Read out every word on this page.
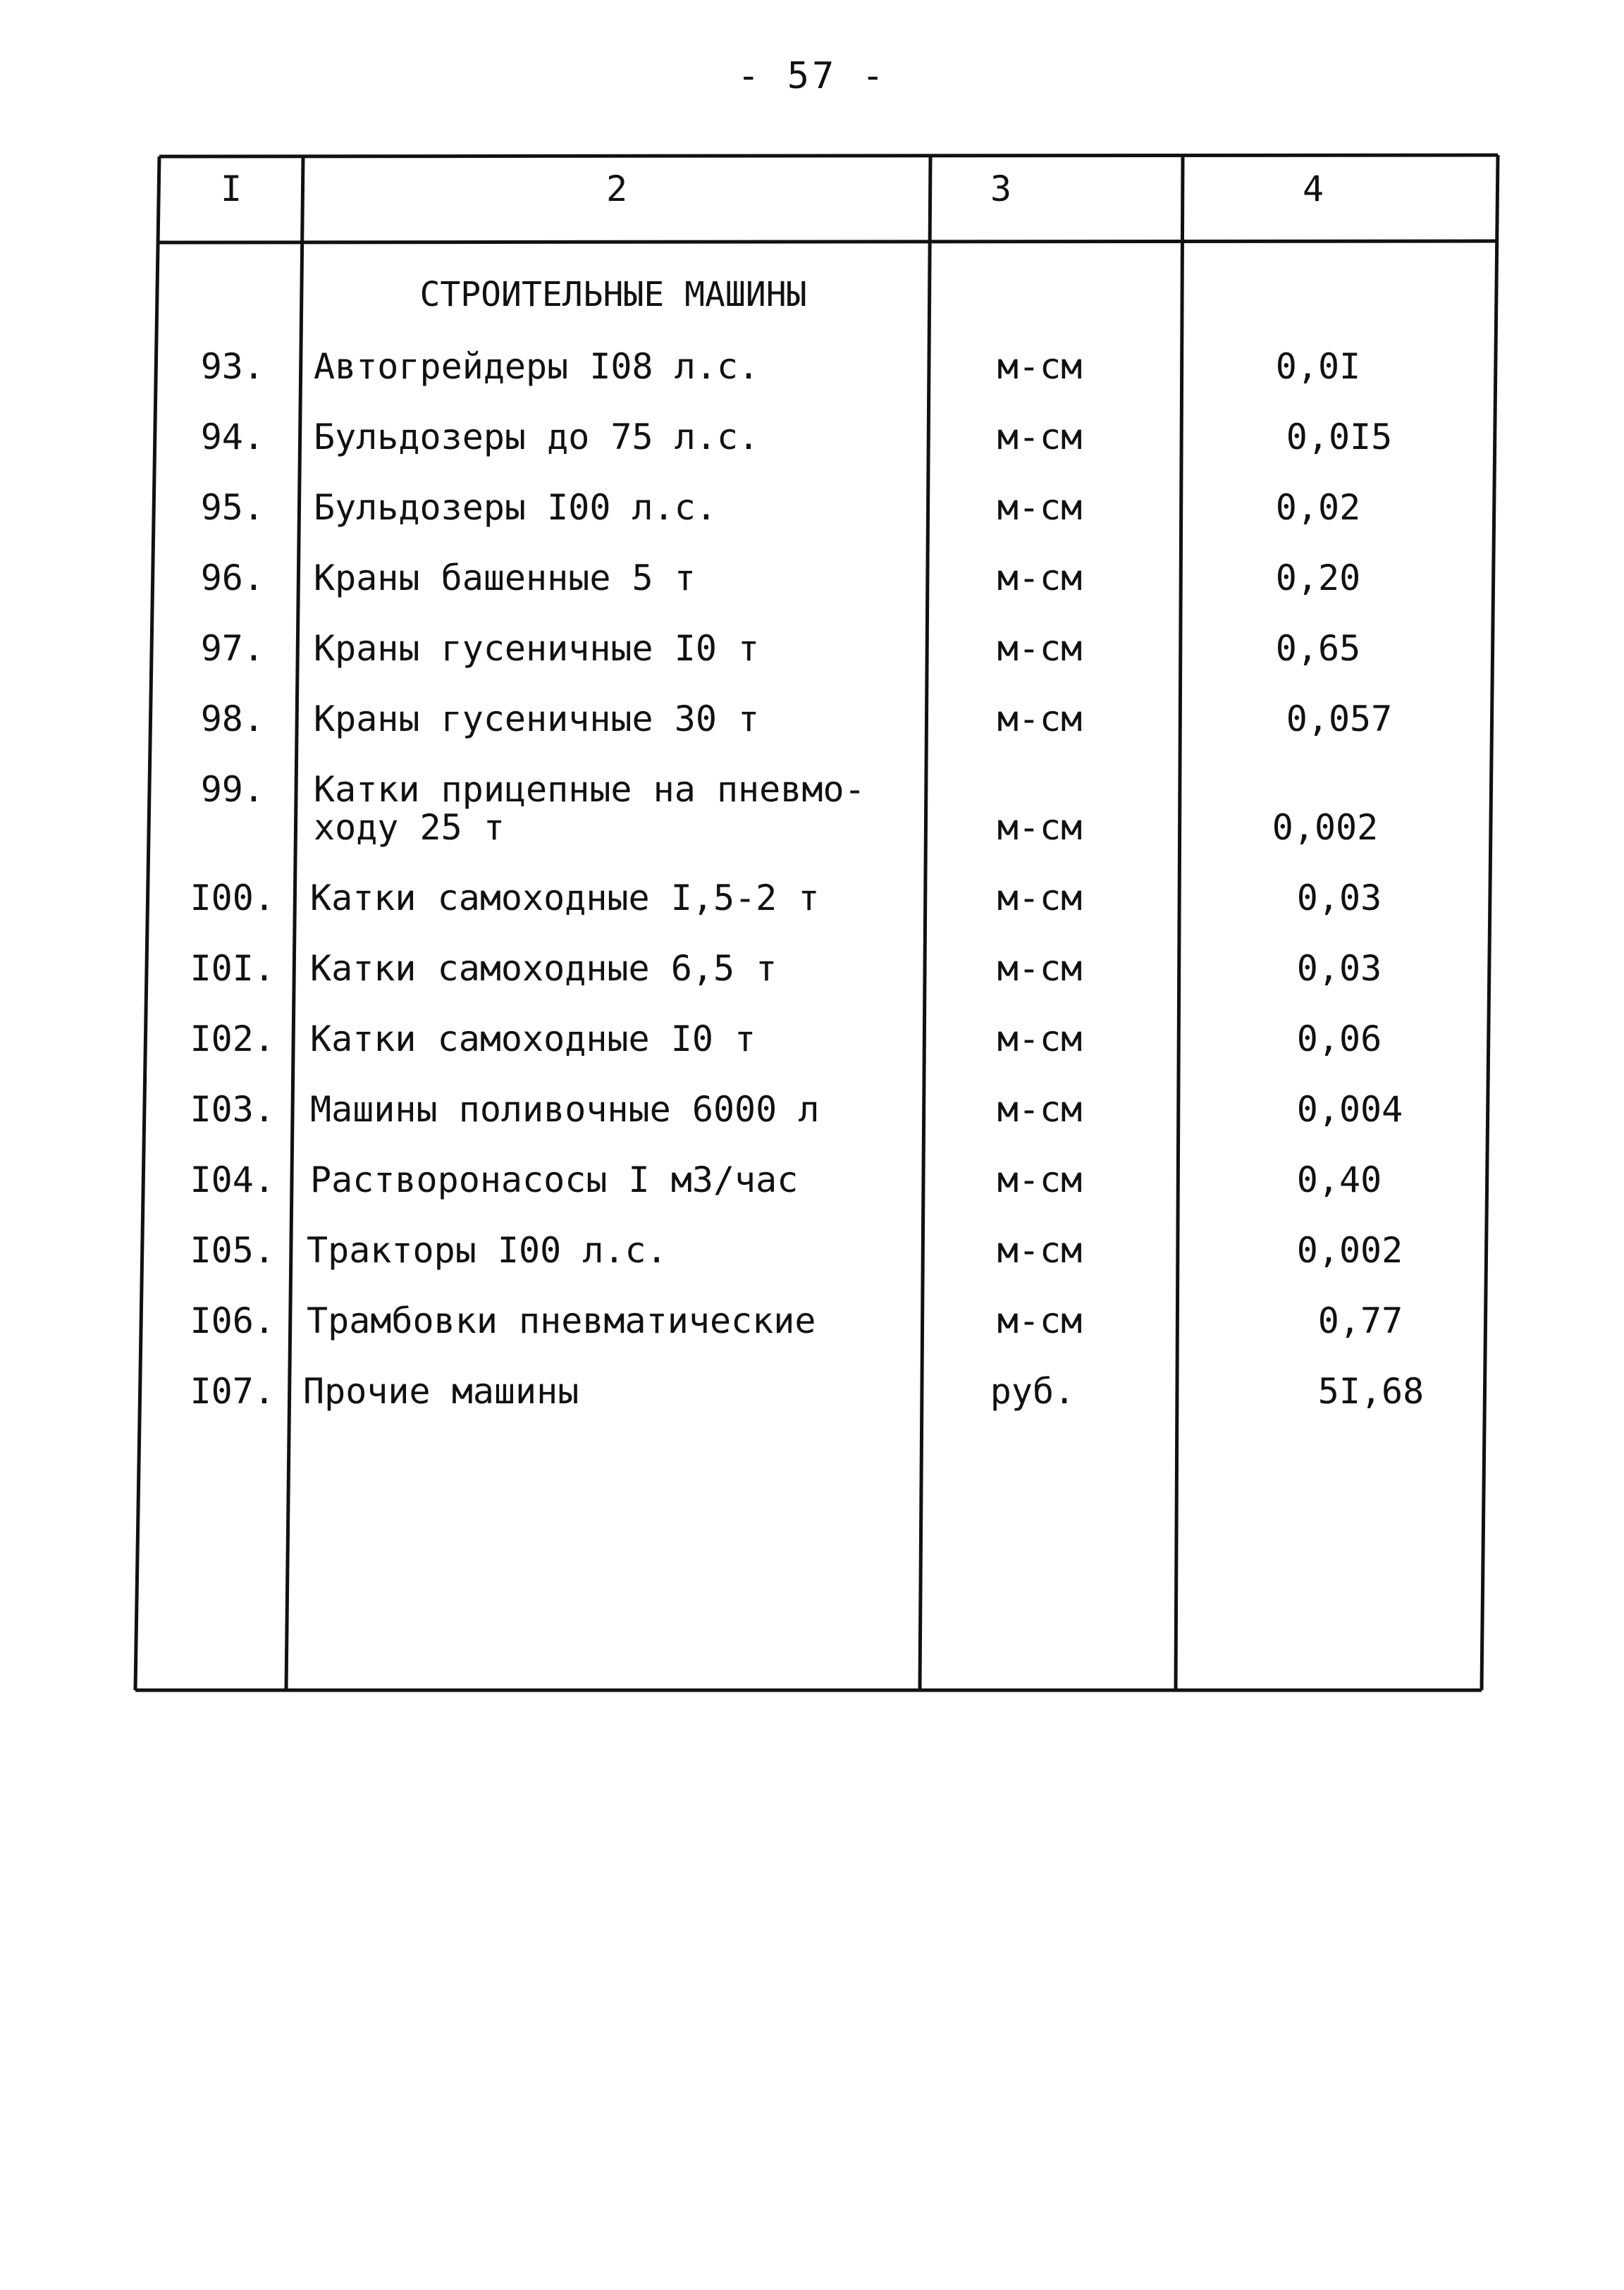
- 57 -
I	2	3	4
СТРОИТЕЛЬНЫЕ МАШИНЫ
93. Автогрейдеры I08 л.с.	м-см	0,0I
94. Бульдозеры до 75 л.с.	м-см	0,0I5
95. Бульдозеры I00 л.с.	м-см	0,02
96. Краны башенные 5 т	м-см	0,20
97. Краны гусеничные I0 т	м-см	0,65
98. Краны гусеничные 30 т	м-см	0,057
99. Катки прицепные на пневмо-
ходу 25 т	м-см	0,002
I00. Катки самоходные I,5-2 т	м-см	0,03
I0I. Катки самоходные 6,5 т	м-см	0,03
I02. Катки самоходные I0 т	м-см	0,06
I03. Машины поливочные 6000 л	м-см	0,004
I04. Растворонасосы I м3/час	м-см	0,40
I05. Тракторы I00 л.с.	м-см	0,002
I06. Трамбовки пневматические	м-см	0,77
I07. Прочие машины	руб.	5I,68
